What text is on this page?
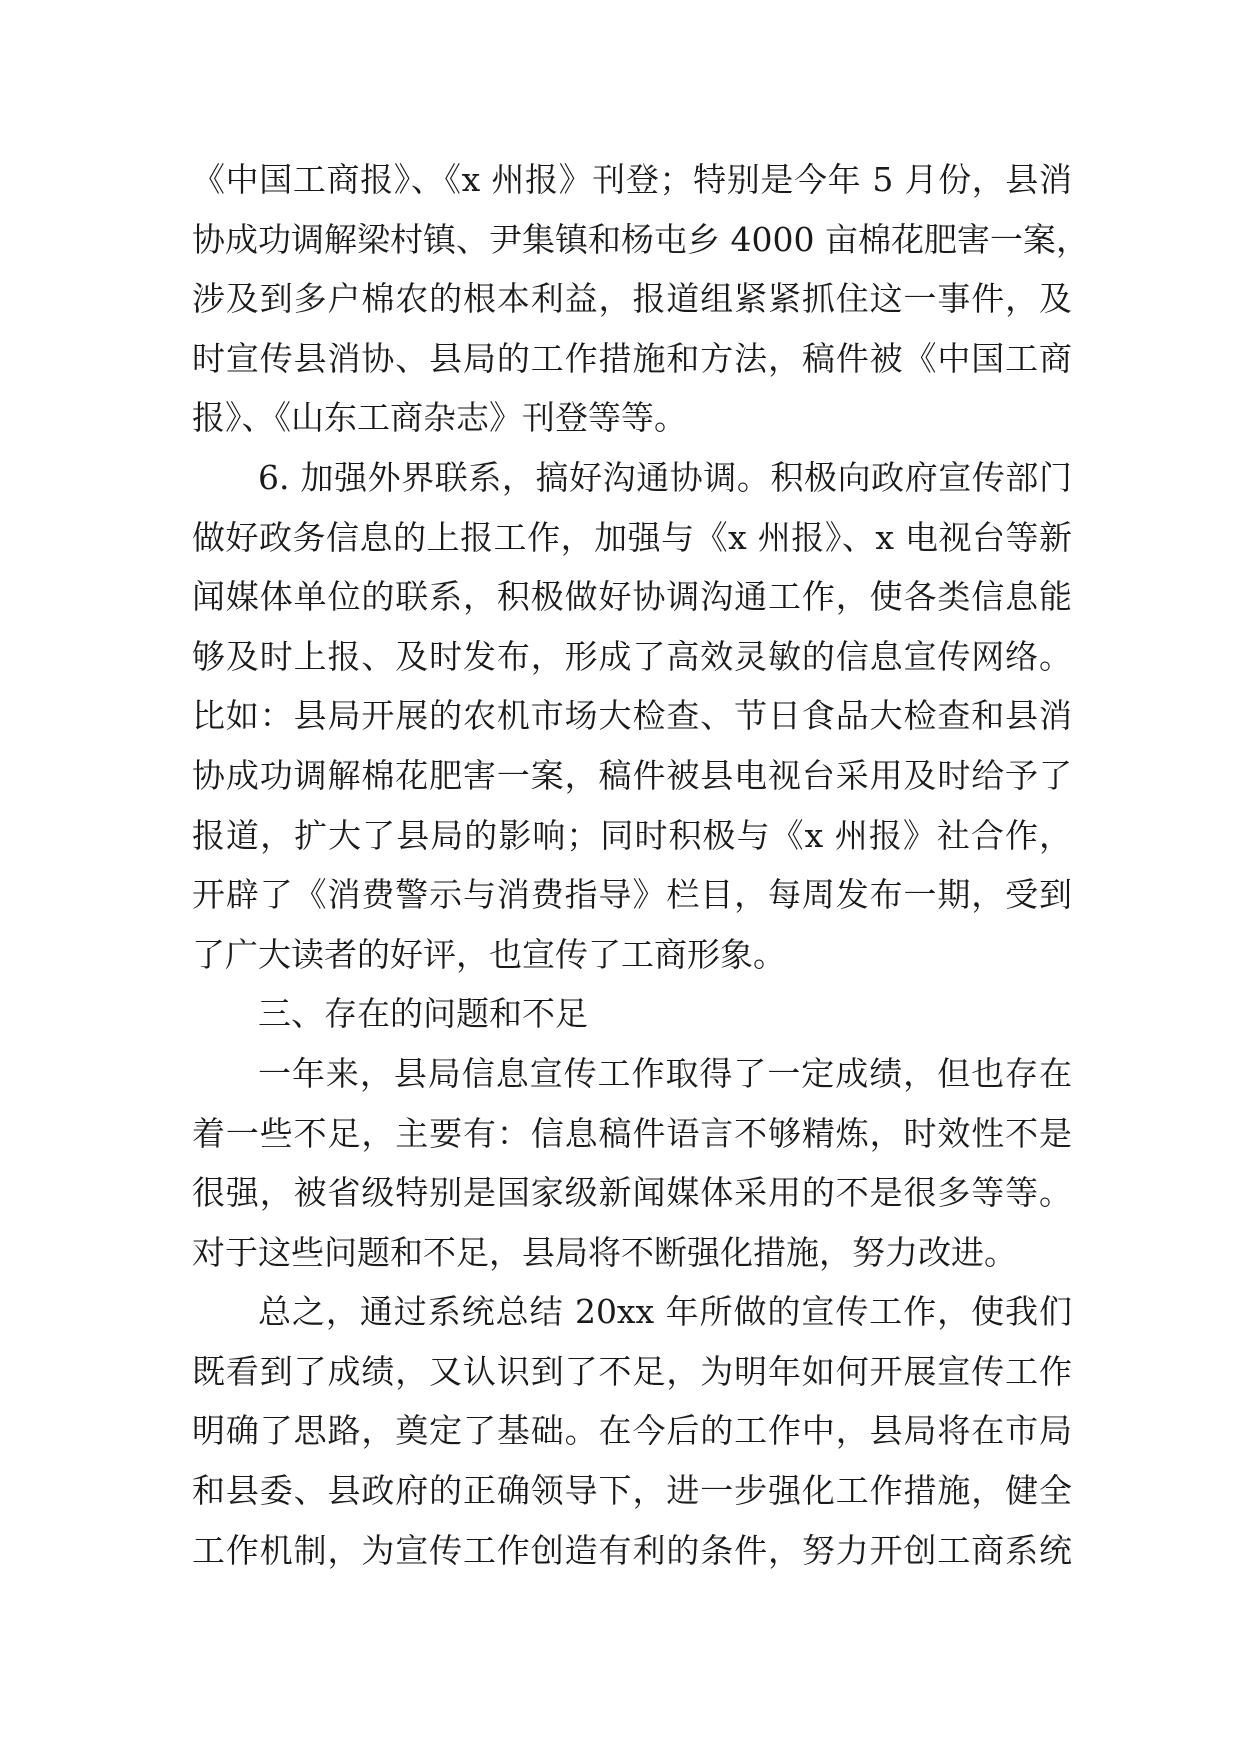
《中国工商报》、《x 州报》刊登；特别是今年 5 月份，县消
协成功调解梁村镇、尹集镇和杨屯乡 4000 亩棉花肥害一案，
涉及到多户棉农的根本利益，报道组紧紧抓住这一事件，及
时宣传县消协、县局的工作措施和方法，稿件被《中国工商
报》、《山东工商杂志》刊登等等。
6. 加强外界联系，搞好沟通协调。积极向政府宣传部门
做好政务信息的上报工作，加强与《x 州报》、x 电视台等新
闻媒体单位的联系，积极做好协调沟通工作，使各类信息能
够及时上报、及时发布，形成了高效灵敏的信息宣传网络。
比如：县局开展的农机市场大检查、节日食品大检查和县消
协成功调解棉花肥害一案，稿件被县电视台采用及时给予了
报道，扩大了县局的影响；同时积极与《x 州报》社合作，
开辟了《消费警示与消费指导》栏目，每周发布一期，受到
了广大读者的好评，也宣传了工商形象。
三、存在的问题和不足
一年来，县局信息宣传工作取得了一定成绩，但也存在
着一些不足，主要有：信息稿件语言不够精炼，时效性不是
很强，被省级特别是国家级新闻媒体采用的不是很多等等。
对于这些问题和不足，县局将不断强化措施，努力改进。
总之，通过系统总结 20xx 年所做的宣传工作，使我们
既看到了成绩，又认识到了不足，为明年如何开展宣传工作
明确了思路，奠定了基础。在今后的工作中，县局将在市局
和县委、县政府的正确领导下，进一步强化工作措施，健全
工作机制，为宣传工作创造有利的条件，努力开创工商系统
